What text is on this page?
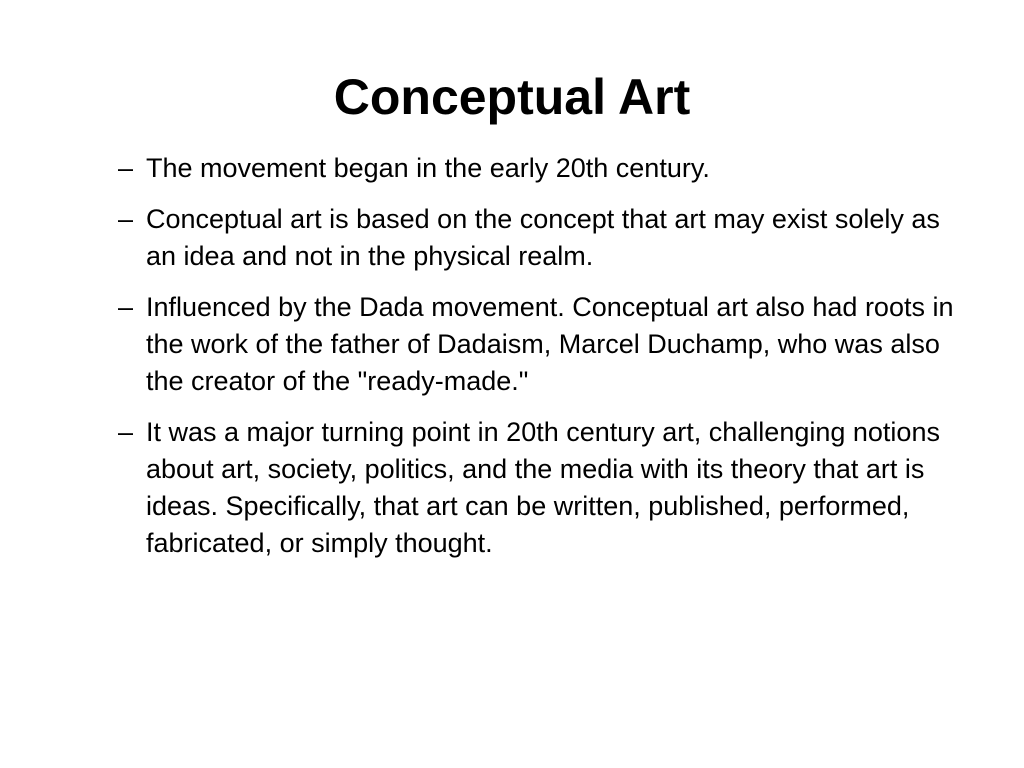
Conceptual Art
– The movement began in the early 20th century.
– Conceptual art is based on the concept that art may exist solely as an idea and not in the physical realm.
– Influenced by the Dada movement. Conceptual art also had roots in the work of the father of Dadaism, Marcel Duchamp, who was also the creator of the "ready-made."
– It was a major turning point in 20th century art, challenging notions about art, society, politics, and the media with its theory that art is ideas. Specifically, that art can be written, published, performed, fabricated, or simply thought.
